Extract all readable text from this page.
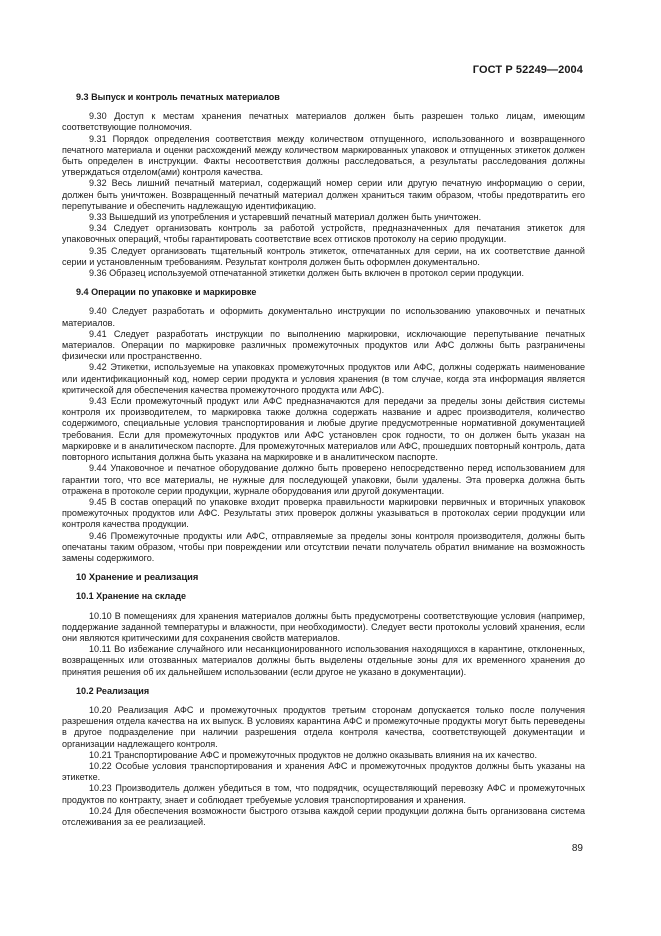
ГОСТ Р 52249—2004

9.3 Выпуск и контроль печатных материалов

9.30 Доступ к местам хранения печатных материалов должен быть разрешен только лицам, имеющим соответствующие полномочия.

9.31 Порядок определения соответствия между количеством отпущенного, использованного и возвращенного печатного материала и оценки расхождений между количеством маркированных упаковок и отпущенных этикеток должен быть определен в инструкции. Факты несоответствия должны расследоваться, а результаты расследования должны утверждаться отделом(ами) контроля качества.

9.32 Весь лишний печатный материал, содержащий номер серии или другую печатную информацию о серии, должен быть уничтожен. Возвращенный печатный материал должен храниться таким образом, чтобы предотвратить его перепутывание и обеспечить надлежащую идентификацию.

9.33 Вышедший из употребления и устаревший печатный материал должен быть уничтожен.

9.34 Следует организовать контроль за работой устройств, предназначенных для печатания этикеток для упаковочных операций, чтобы гарантировать соответствие всех оттисков протоколу на серию продукции.

9.35 Следует организовать тщательный контроль этикеток, отпечатанных для серии, на их соответствие данной серии и установленным требованиям. Результат контроля должен быть оформлен документально.

9.36 Образец используемой отпечатанной этикетки должен быть включен в протокол серии продукции.

9.4 Операции по упаковке и маркировке

9.40 Следует разработать и оформить документально инструкции по использованию упаковочных и печатных материалов.

9.41 Следует разработать инструкции по выполнению маркировки, исключающие перепутывание печатных материалов. Операции по маркировке различных промежуточных продуктов или АФС должны быть разграничены физически или пространственно.

9.42 Этикетки, используемые на упаковках промежуточных продуктов или АФС, должны содержать наименование или идентификационный код, номер серии продукта и условия хранения (в том случае, когда эта информация является критической для обеспечения качества промежуточного продукта или АФС).

9.43 Если промежуточный продукт или АФС предназначаются для передачи за пределы зоны действия системы контроля их производителем, то маркировка также должна содержать название и адрес производителя, количество содержимого, специальные условия транспортирования и любые другие предусмотренные нормативной документацией требования. Если для промежуточных продуктов или АФС установлен срок годности, то он должен быть указан на маркировке и в аналитическом паспорте. Для промежуточных материалов или АФС, прошедших повторный контроль, дата повторного испытания должна быть указана на маркировке и в аналитическом паспорте.

9.44 Упаковочное и печатное оборудование должно быть проверено непосредственно перед использованием для гарантии того, что все материалы, не нужные для последующей упаковки, были удалены. Эта проверка должна быть отражена в протоколе серии продукции, журнале оборудования или другой документации.

9.45 В состав операций по упаковке входит проверка правильности маркировки первичных и вторичных упаковок промежуточных продуктов или АФС. Результаты этих проверок должны указываться в протоколах серии продукции или контроля качества продукции.

9.46 Промежуточные продукты или АФС, отправляемые за пределы зоны контроля производителя, должны быть опечатаны таким образом, чтобы при повреждении или отсутствии печати получатель обратил внимание на возможность замены содержимого.

10 Хранение и реализация

10.1 Хранение на складе

10.10 В помещениях для хранения материалов должны быть предусмотрены соответствующие условия (например, поддержание заданной температуры и влажности, при необходимости). Следует вести протоколы условий хранения, если они являются критическими для сохранения свойств материалов.

10.11 Во избежание случайного или несанкционированного использования находящихся в карантине, отклоненных, возвращенных или отозванных материалов должны быть выделены отдельные зоны для их временного хранения до принятия решения об их дальнейшем использовании (если другое не указано в документации).

10.2 Реализация

10.20 Реализация АФС и промежуточных продуктов третьим сторонам допускается только после получения разрешения отдела качества на их выпуск. В условиях карантина АФС и промежуточные продукты могут быть переведены в другое подразделение при наличии разрешения отдела контроля качества, соответствующей документации и организации надлежащего контроля.

10.21 Транспортирование АФС и промежуточных продуктов не должно оказывать влияния на их качество.

10.22 Особые условия транспортирования и хранения АФС и промежуточных продуктов должны быть указаны на этикетке.

10.23 Производитель должен убедиться в том, что подрядчик, осуществляющий перевозку АФС и промежуточных продуктов по контракту, знает и соблюдает требуемые условия транспортирования и хранения.

10.24 Для обеспечения возможности быстрого отзыва каждой серии продукции должна быть организована система отслеживания за ее реализацией.

89
